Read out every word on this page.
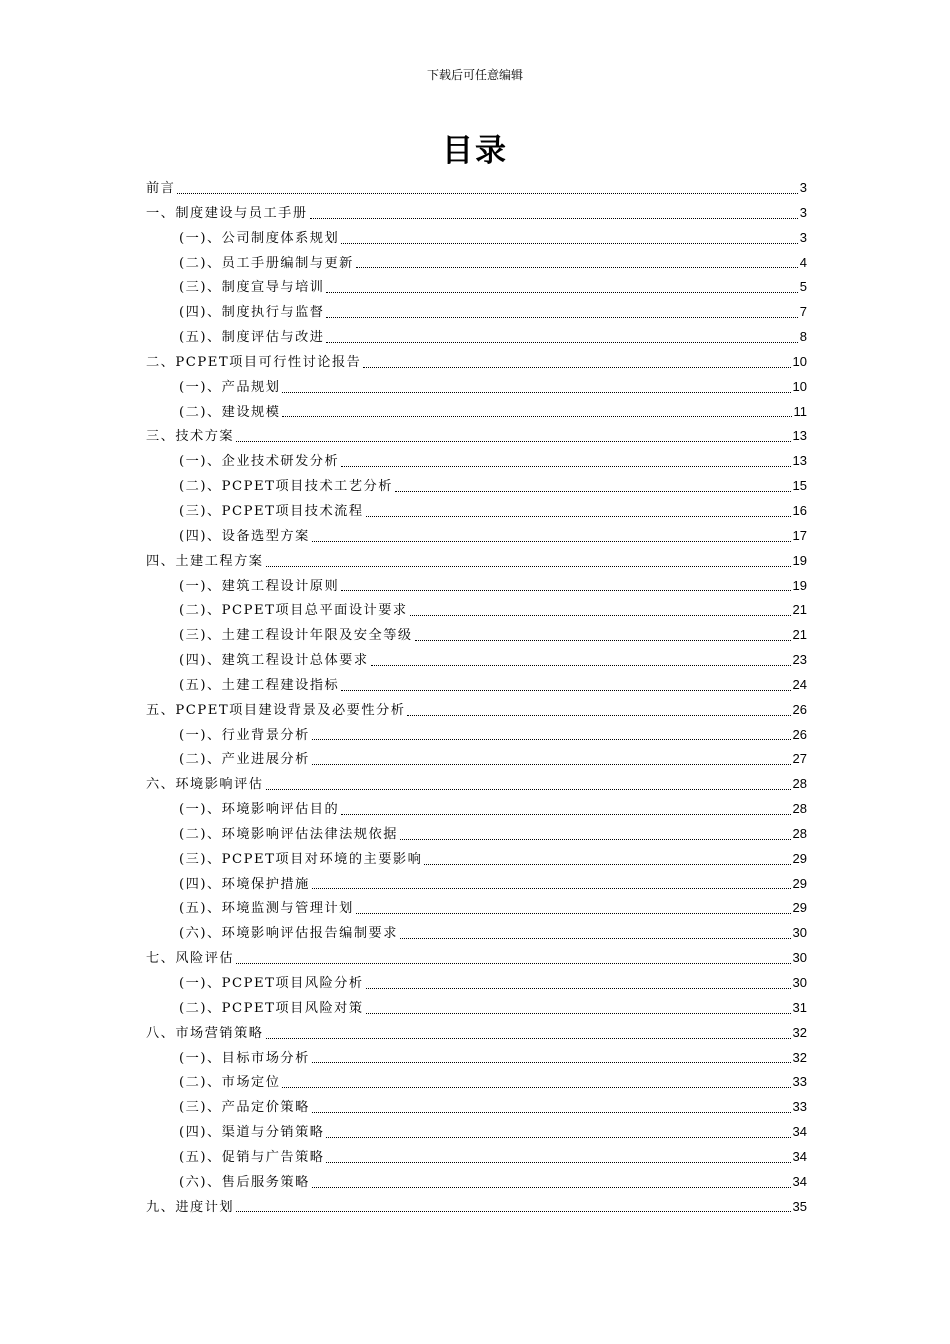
下载后可任意编辑
目录
前言	3
一、制度建设与员工手册	3
(一)、公司制度体系规划	3
(二)、员工手册编制与更新	4
(三)、制度宣导与培训	5
(四)、制度执行与监督	7
(五)、制度评估与改进	8
二、PCPET项目可行性讨论报告	10
(一)、产品规划	10
(二)、建设规模	11
三、技术方案	13
(一)、企业技术研发分析	13
(二)、PCPET项目技术工艺分析	15
(三)、PCPET项目技术流程	16
(四)、设备选型方案	17
四、土建工程方案	19
(一)、建筑工程设计原则	19
(二)、PCPET项目总平面设计要求	21
(三)、土建工程设计年限及安全等级	21
(四)、建筑工程设计总体要求	23
(五)、土建工程建设指标	24
五、PCPET项目建设背景及必要性分析	26
(一)、行业背景分析	26
(二)、产业进展分析	27
六、环境影响评估	28
(一)、环境影响评估目的	28
(二)、环境影响评估法律法规依据	28
(三)、PCPET项目对环境的主要影响	29
(四)、环境保护措施	29
(五)、环境监测与管理计划	29
(六)、环境影响评估报告编制要求	30
七、风险评估	30
(一)、PCPET项目风险分析	30
(二)、PCPET项目风险对策	31
八、市场营销策略	32
(一)、目标市场分析	32
(二)、市场定位	33
(三)、产品定价策略	33
(四)、渠道与分销策略	34
(五)、促销与广告策略	34
(六)、售后服务策略	34
九、进度计划	35
